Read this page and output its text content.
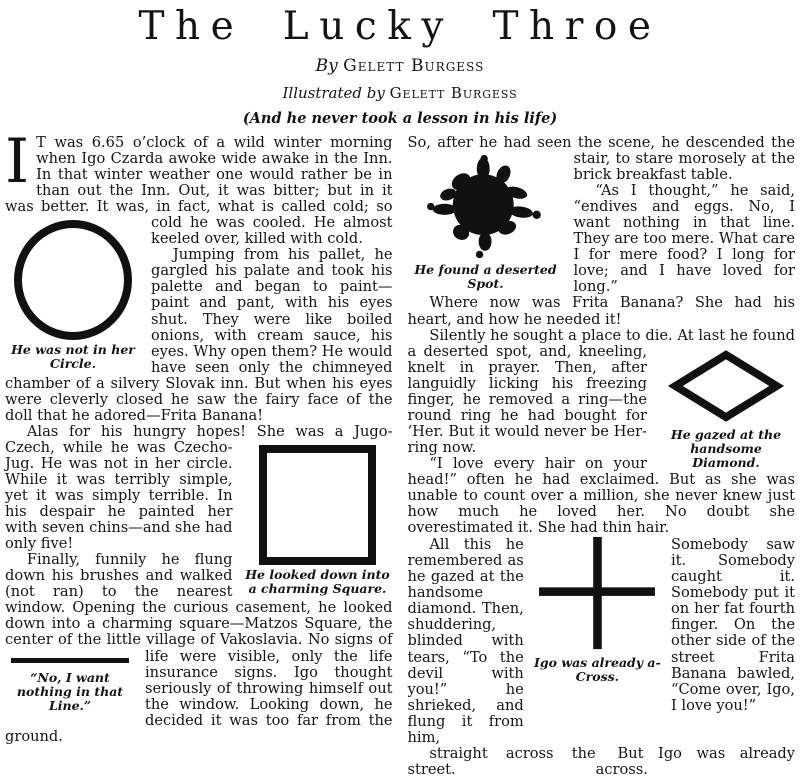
The Lucky Throe
By Gelett Burgess
Illustrated by Gelett Burgess
(And he never took a lesson in his life)

I T was 6.65 o’clock of a wild winter morning when Igo Czarda awoke wide awake in the Inn. In that winter weather one would rather be in than out the Inn. Out, it was bitter; but in it was better. It was, in fact, what is called cold; so cold he was cooled.
He was not in her Circle.
He almost keeled over, killed with cold.

Jumping from his pallet, he gargled his palate and took his palette and began to paint—paint and pant, with his eyes shut. They were like boiled onions, with cream sauce, his eyes. Why open them? He would have seen only the chimneyed chamber of a silvery Slovak inn. But when his eyes were cleverly closed he saw the fairy face of the doll that he adored—Frita Banana!

Alas for his hungry hopes! She was a Jugo-Czech,
He looked down into a charming Square.
while he was Czecho-Jug. He was not in her circle. While it was terribly simple, yet it was simply terrible. In his despair he painted her with seven chins—and she had only five!

Finally, funnily he flung down his brushes and walked (not ran) to the nearest window. Opening the curious casement, he looked down into a charming square—Matzos Square, the center of the little village of Vakoslavia. No signs of life were visible, only the life
“No, I want nothing in that Line.”
insurance signs. Igo thought seriously of throwing himself out the window. Looking down, he decided it was too far from the ground.

So, after he had seen the scene, he descended the
He found a deserted Spot.
stair, to stare morosely at the brick breakfast table.

“As I thought,” he said, “endives and eggs. No, I want nothing in that line. They are too mere. What care I for mere food? I long for love; and I have loved for long.”

Where now was Frita Banana? She had his heart, and how he needed it!

Silently he sought a place to die. At last he found
He gazed at the handsome Diamond.
a deserted spot, and, kneeling, knelt in prayer. Then, after languidly licking his freezing finger, he removed a ring—the round ring he had bought for ‘Her. But it would never be Her-ring now.

“I love every hair on your head!” often he had exclaimed. But as she was unable to count over a million, she never knew just how much he loved her. No doubt she overestimated it. She had thin hair.

All this he remembered as he gazed at the handsome diamond. Then, shuddering, blinded with tears, “To the devil with you!” he shrieked, and flung it from him,

Igo was already a-Cross.

Somebody saw it. Somebody caught it. Somebody put it on her fat fourth finger. On the other side of the street Frita Banana bawled, “Come over, Igo, I love you!”

straight across the street.
But Igo was already across.
